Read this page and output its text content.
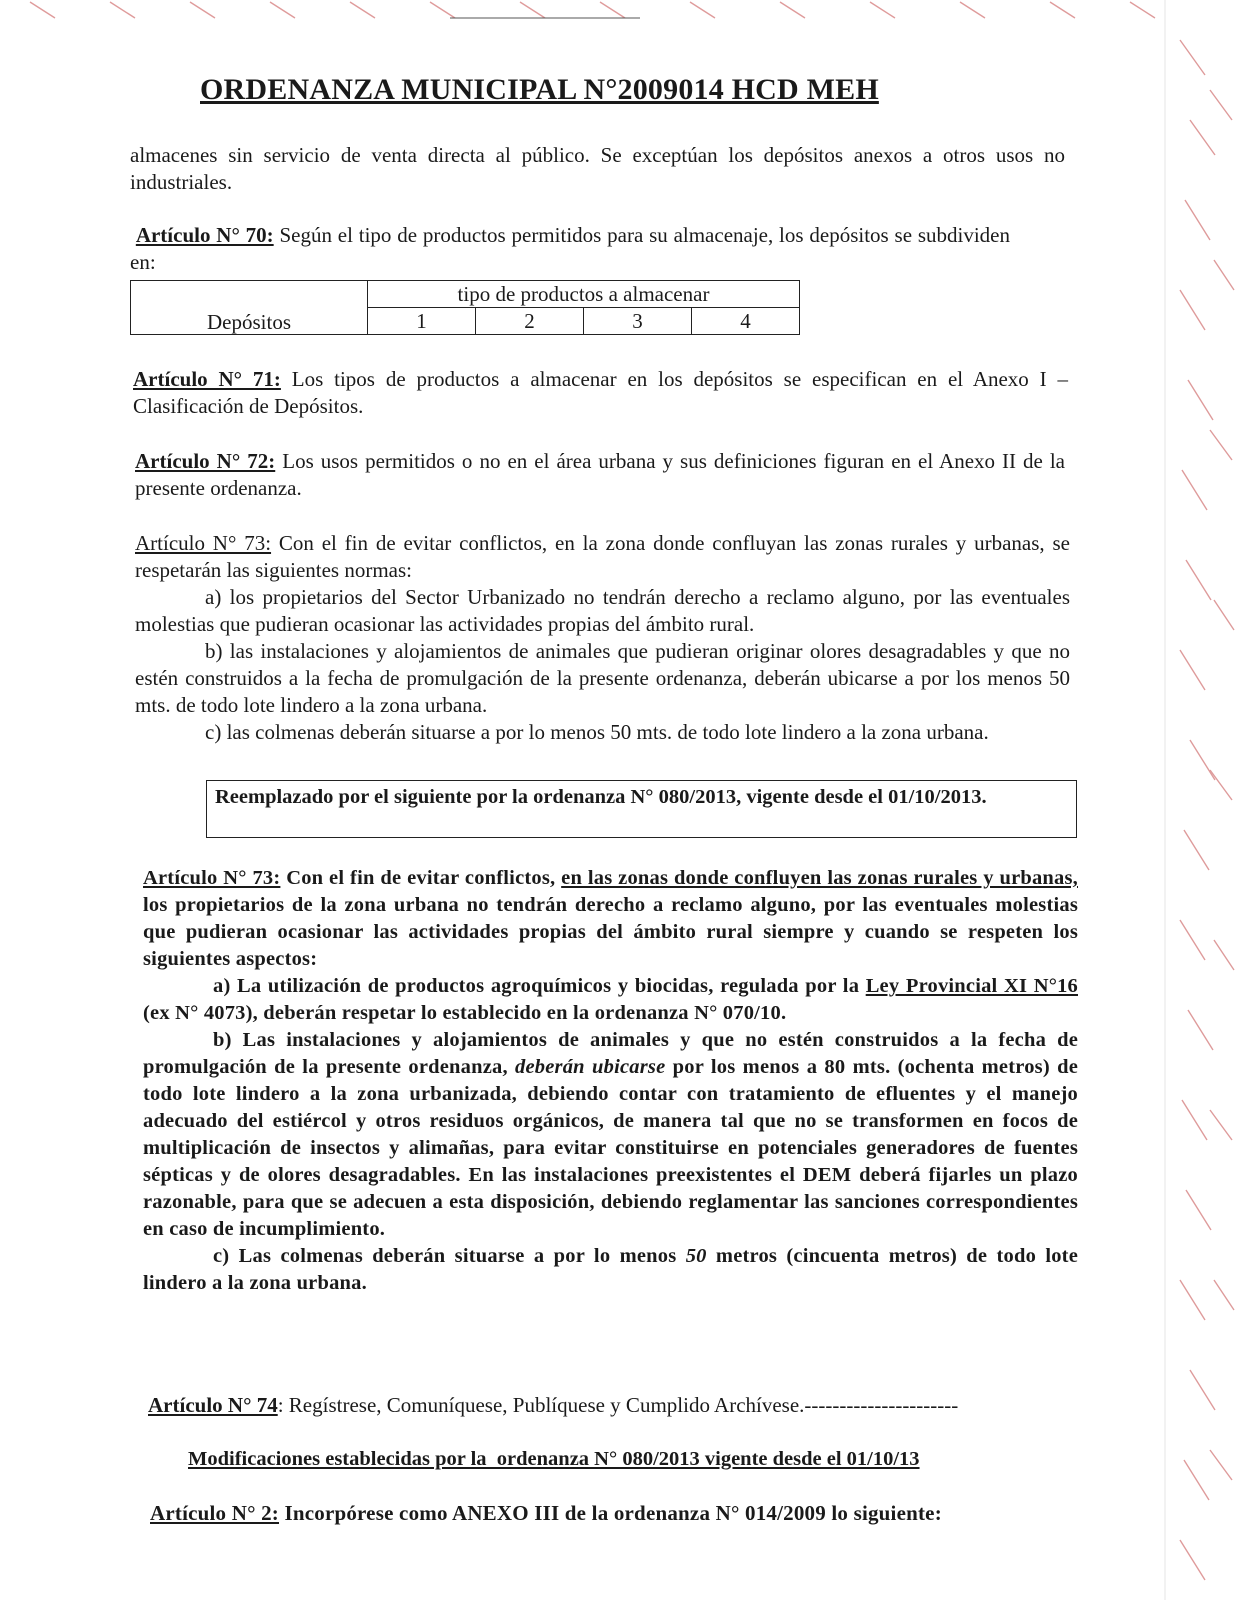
ORDENANZA MUNICIPAL N°2009014 HCD MEH

almacenes sin servicio de venta directa al público. Se exceptúan los depósitos anexos a otros usos no industriales.

Artículo N° 70: Según el tipo de productos permitidos para su almacenaje, los depósitos se subdividen en:

Depósitos	tipo de productos a almacenar			
	1	2	3	4

Artículo N° 71: Los tipos de productos a almacenar en los depósitos se especifican en el Anexo I – Clasificación de Depósitos.

Artículo N° 72: Los usos permitidos o no en el área urbana y sus definiciones figuran en el Anexo II de la presente ordenanza.

Artículo N° 73: Con el fin de evitar conflictos, en la zona donde confluyan las zonas rurales y urbanas, se respetarán las siguientes normas:
a) los propietarios del Sector Urbanizado no tendrán derecho a reclamo alguno, por las eventuales molestias que pudieran ocasionar las actividades propias del ámbito rural.
b) las instalaciones y alojamientos de animales que pudieran originar olores desagradables y que no estén construidos a la fecha de promulgación de la presente ordenanza, deberán ubicarse a por los menos 50 mts. de todo lote lindero a la zona urbana.
c) las colmenas deberán situarse a por lo menos 50 mts. de todo lote lindero a la zona urbana.
Reemplazado por el siguiente por la ordenanza N° 080/2013, vigente desde el 01/10/2013.
Artículo N° 73: Con el fin de evitar conflictos, en las zonas donde confluyen las zonas rurales y urbanas, los propietarios de la zona urbana no tendrán derecho a reclamo alguno, por las eventuales molestias que pudieran ocasionar las actividades propias del ámbito rural siempre y cuando se respeten los siguientes aspectos:
a) La utilización de productos agroquímicos y biocidas, regulada por la Ley Provincial XI N°16 (ex N° 4073), deberán respetar lo establecido en la ordenanza N° 070/10.
b) Las instalaciones y alojamientos de animales y que no estén construidos a la fecha de promulgación de la presente ordenanza, deberán ubicarse por los menos a 80 mts. (ochenta metros) de todo lote lindero a la zona urbanizada, debiendo contar con tratamiento de efluentes y el manejo adecuado del estiércol y otros residuos orgánicos, de manera tal que no se transformen en focos de multiplicación de insectos y alimañas, para evitar constituirse en potenciales generadores de fuentes sépticas y de olores desagradables. En las instalaciones preexistentes el DEM deberá fijarles un plazo razonable, para que se adecuen a esta disposición, debiendo reglamentar las sanciones correspondientes en caso de incumplimiento.
c) Las colmenas deberán situarse a por lo menos 50 metros (cincuenta metros) de todo lote lindero a la zona urbana.

Artículo N° 74: Regístrese, Comuníquese, Publíquese y Cumplido Archívese.----------------------

Modificaciones establecidas por la  ordenanza N° 080/2013 vigente desde el 01/10/13

Artículo N° 2: Incorpórese como ANEXO III de la ordenanza N° 014/2009 lo siguiente:
